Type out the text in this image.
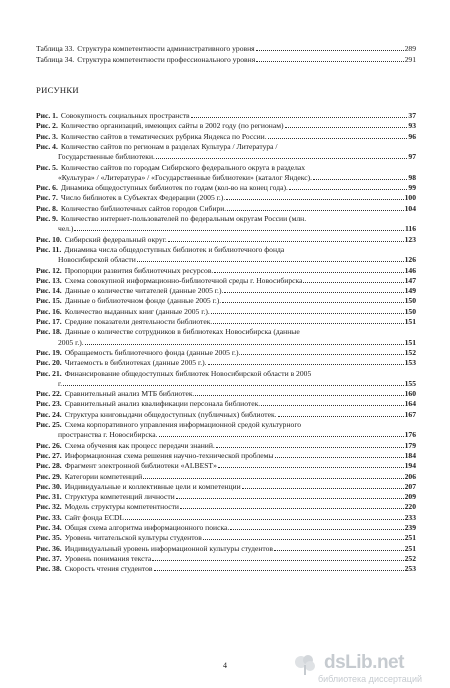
Таблица 33. Структура компетентности административного уровня	289
Таблица 34. Структура компетентности профессионального уровня	291
РИСУНКИ
Рис. 1. Совокупность социальных пространств	37
Рис. 2. Количество организаций, имеющих сайты в 2002 году (по регионам)	93
Рис. 3. Количество сайтов в тематических рубрика Яндекса по России.	96
Рис. 4. Количество сайтов по регионам в разделах Культура / Литература /
Государственные библиотеки.	97
Рис. 5. Количество сайтов по городам Сибирского федерального округа в разделах
«Культура» / «Литература» / «Государственные библиотеки» (каталог Яндекс).	98
Рис. 6. Динамика общедоступных библиотек по годам (кол-во на конец года).	99
Рис. 7. Число библиотек в Субъектах Федерации (2005 г.).	100
Рис. 8. Количество библиотечных сайтов городов Сибири.	104
Рис. 9. Количество интернет-пользователей по федеральным округам России (млн.
чел.)	116
Рис. 10. Сибирский федеральный округ.	123
Рис. 11. Динамика числа общедоступных библиотек и библиотечного фонда
Новосибирской области	126
Рис. 12. Пропорции развития библиотечных ресурсов.	146
Рис. 13. Схема совокупной информационно-библиотечной среды г. Новосибирска	147
Рис. 14. Данные о количестве читателей (данные 2005 г.).	149
Рис. 15. Данные о библиотечном фонде (данные 2005 г.).	150
Рис. 16. Количество выданных книг (данные 2005 г.).	150
Рис. 17. Средние показатели деятельности библиотек.	151
Рис. 18. Данные о количестве сотрудников в библиотеках Новосибирска (данные
2005 г.).	151
Рис. 19. Обращаемость библиотечного фонда (данные 2005 г.).	152
Рис. 20. Читаемость в библиотеках (данные 2005 г.).	153
Рис. 21. Финансирование общедоступных библиотек Новосибирской области в 2005
г.	155
Рис. 22. Сравнительный анализ МТБ библиотек.	160
Рис. 23. Сравнительный анализ квалификации персонала библиотек.	164
Рис. 24. Структура книговыдачи общедоступных (публичных) библиотек.	167
Рис. 25. Схема корпоративного управления информационной средой культурного
пространства г. Новосибирска.	176
Рис. 26. Схема обучения как процесс передачи знаний.	179
Рис. 27. Информационная схема решения научно-технической проблемы	184
Рис. 28. Фрагмент электронной библиотеки «ALBEST»	194
Рис. 29. Категории компетенций	206
Рис. 30. Индивидуальные и коллективные цели и компетенции	207
Рис. 31. Структура компетенций личности	209
Рис. 32. Модель структуры компетентности	220
Рис. 33. Сайт фонда ECDL	233
Рис. 34. Общая схема алгоритма информационного поиска.	239
Рис. 35. Уровень читательской культуры студентов	251
Рис. 36. Индивидуальный уровень информационной культуры студентов	251
Рис. 37. Уровень понимания текста	252
Рис. 38. Скорость чтения студентов	253
4	dsLib.net
библиотека диссертаций
